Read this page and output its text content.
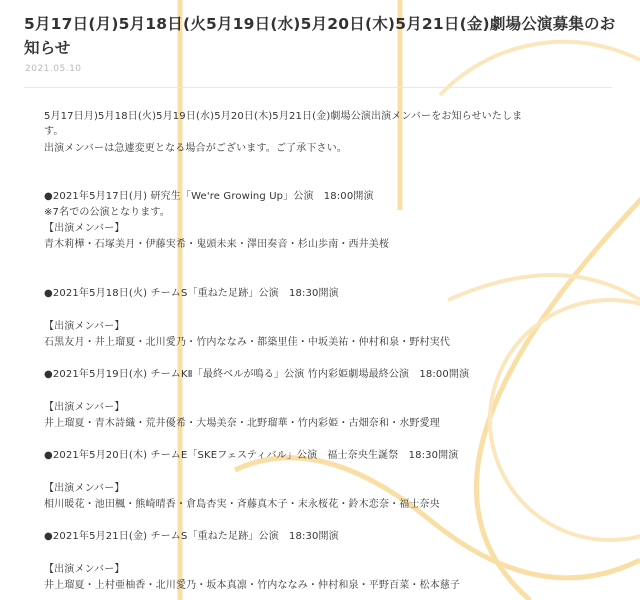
5月17日(月)5月18日(火5月19日(水)5月20日(木)5月21日(金)劇場公演募集のお知らせ
2021.05.10
5月17日月)5月18日(火)5月19日(水)5月20日(木)5月21日(金)劇場公演出演メンバーをお知らせいたしま
す。
出演メンバーは急遽変更となる場合がございます。ご了承下さい。
●2021年5月17日(月) 研究生「We're Growing Up」公演　18:00開演
※7名での公演となります。
【出演メンバー】
青木莉樺・石塚美月・伊藤実希・鬼頭未来・澤田奏音・杉山歩南・西井美桜
●2021年5月18日(火) チームS「重ねた足跡」公演　18:30開演
【出演メンバー】
石黒友月・井上瑠夏・北川愛乃・竹内ななみ・都築里佳・中坂美祐・仲村和泉・野村実代
●2021年5月19日(水) チームKⅡ「最終ベルが鳴る」公演 竹内彩姫劇場最終公演　18:00開演
【出演メンバー】
井上瑠夏・青木詩織・荒井優希・大場美奈・北野瑠華・竹内彩姫・古畑奈和・水野愛理
●2021年5月20日(木) チームE「SKEフェスティバル」公演　福士奈央生誕祭　18:30開演
【出演メンバー】
相川暖花・池田楓・熊崎晴香・倉島杏実・斉藤真木子・末永桜花・鈴木恋奈・福士奈央
●2021年5月21日(金) チームS「重ねた足跡」公演　18:30開演
【出演メンバー】
井上瑠夏・上村亜柚香・北川愛乃・坂本真凛・竹内ななみ・仲村和泉・平野百菜・松本慈子
